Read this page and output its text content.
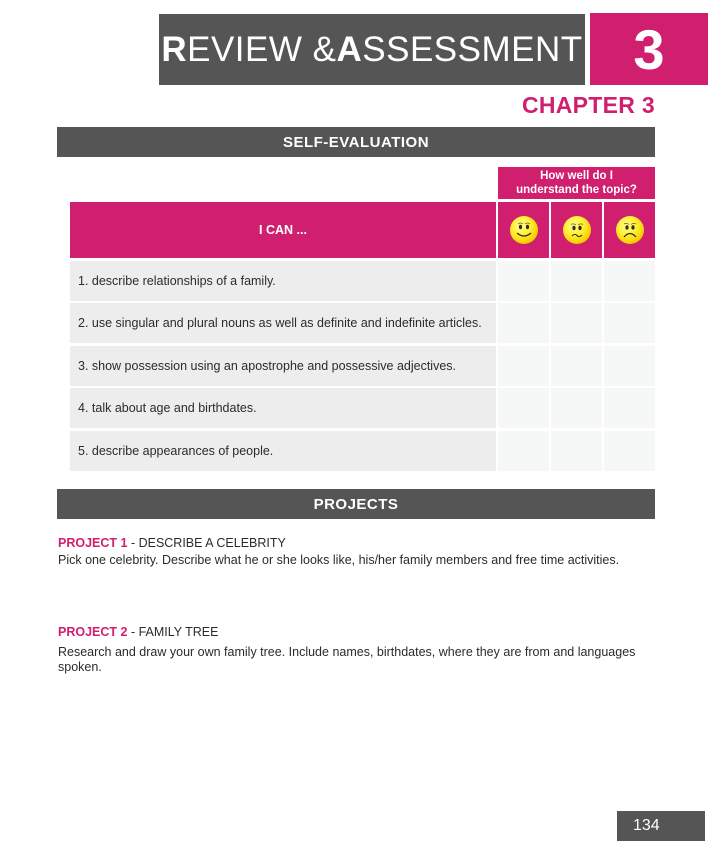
R EVIEW & A SSESSMENT 3
CHAPTER 3
SELF-EVALUATION
How well do I
understand the topic?
I CAN ...
1. describe relationships of a family.
2. use singular and plural nouns as well as definite and indefinite articles.
3. show possession using an apostrophe and possessive adjectives.
4. talk about age and birthdates.
5. describe appearances of people.
PROJECTS
PROJECT 1 - DESCRIBE A CELEBRITY
Pick one celebrity. Describe what he or she looks like, his/her family members and free time activities.
PROJECT 2 - FAMILY TREE
Research and draw your own family tree. Include names, birthdates, where they are from and languages spoken.
134
